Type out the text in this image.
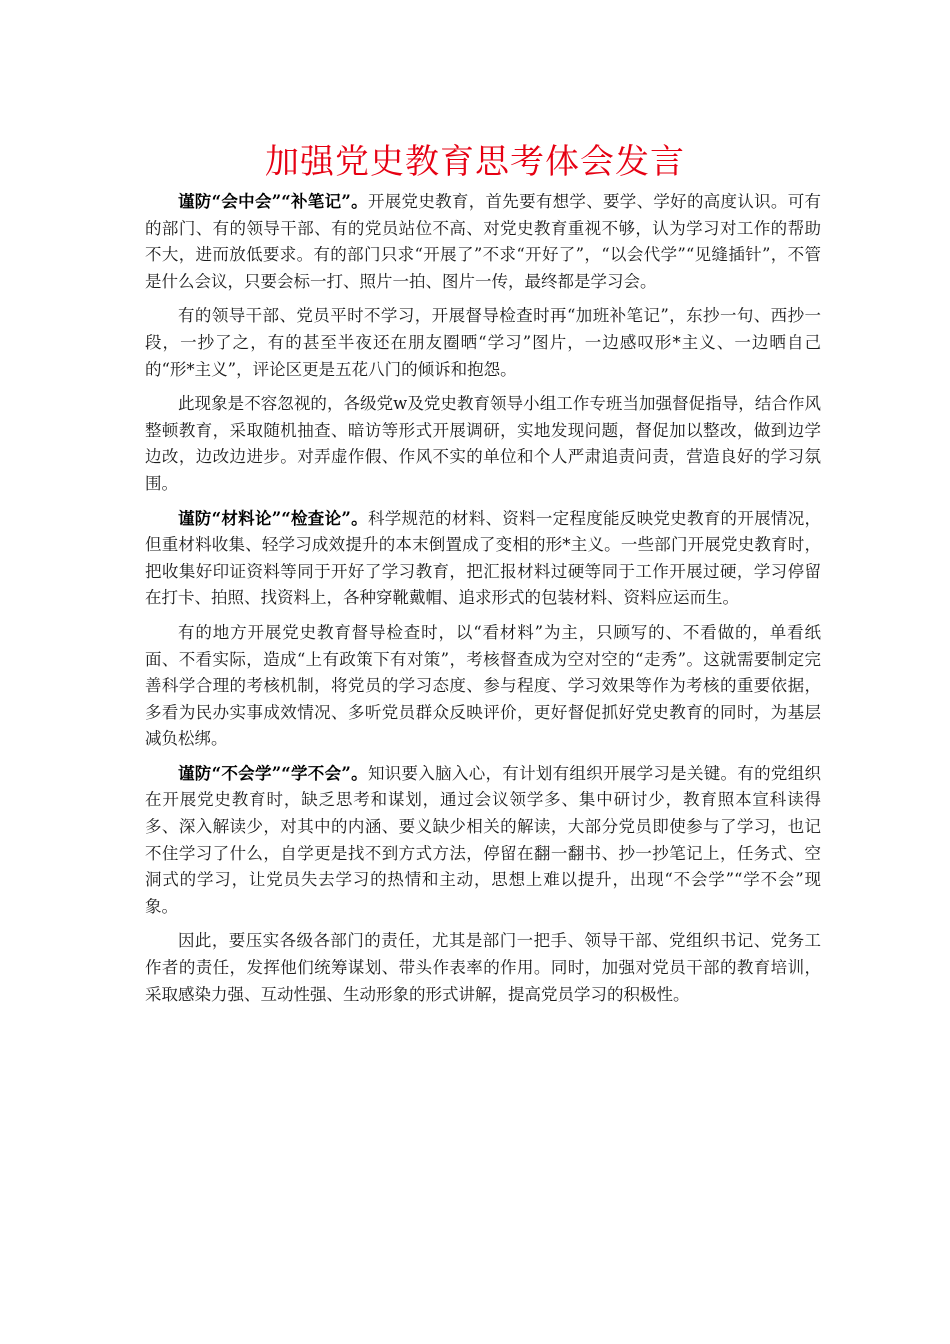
加强党史教育思考体会发言

谨防“会中会”“补笔记”。开展党史教育，首先要有想学、要学、学好的高度认识。可有的部门、有的领导干部、有的党员站位不高、对党史教育重视不够，认为学习对工作的帮助不大，进而放低要求。有的部门只求“开展了”不求“开好了”，“以会代学”“见缝插针”，不管是什么会议，只要会标一打、照片一拍、图片一传，最终都是学习会。

有的领导干部、党员平时不学习，开展督导检查时再“加班补笔记”，东抄一句、西抄一段，一抄了之，有的甚至半夜还在朋友圈晒“学习”图片，一边感叹形*主义、一边晒自己的“形*主义”，评论区更是五花八门的倾诉和抱怨。

此现象是不容忽视的，各级党w及党史教育领导小组工作专班当加强督促指导，结合作风整顿教育，采取随机抽查、暗访等形式开展调研，实地发现问题，督促加以整改，做到边学边改，边改边进步。对弄虚作假、作风不实的单位和个人严肃追责问责，营造良好的学习氛围。

谨防“材料论”“检查论”。科学规范的材料、资料一定程度能反映党史教育的开展情况，但重材料收集、轻学习成效提升的本末倒置成了变相的形*主义。一些部门开展党史教育时，把收集好印证资料等同于开好了学习教育，把汇报材料过硬等同于工作开展过硬，学习停留在打卡、拍照、找资料上，各种穿靴戴帽、追求形式的包装材料、资料应运而生。

有的地方开展党史教育督导检查时，以“看材料”为主，只顾写的、不看做的，单看纸面、不看实际，造成“上有政策下有对策”，考核督查成为空对空的“走秀”。这就需要制定完善科学合理的考核机制，将党员的学习态度、参与程度、学习效果等作为考核的重要依据，多看为民办实事成效情况、多听党员群众反映评价，更好督促抓好党史教育的同时，为基层减负松绑。

谨防“不会学”“学不会”。知识要入脑入心，有计划有组织开展学习是关键。有的党组织在开展党史教育时，缺乏思考和谋划，通过会议领学多、集中研讨少，教育照本宣科读得多、深入解读少，对其中的内涵、要义缺少相关的解读，大部分党员即使参与了学习，也记不住学习了什么，自学更是找不到方式方法，停留在翻一翻书、抄一抄笔记上，任务式、空洞式的学习，让党员失去学习的热情和主动，思想上难以提升，出现“不会学”“学不会”现象。

因此，要压实各级各部门的责任，尤其是部门一把手、领导干部、党组织书记、党务工作者的责任，发挥他们统筹谋划、带头作表率的作用。同时，加强对党员干部的教育培训，采取感染力强、互动性强、生动形象的形式讲解，提高党员学习的积极性。
